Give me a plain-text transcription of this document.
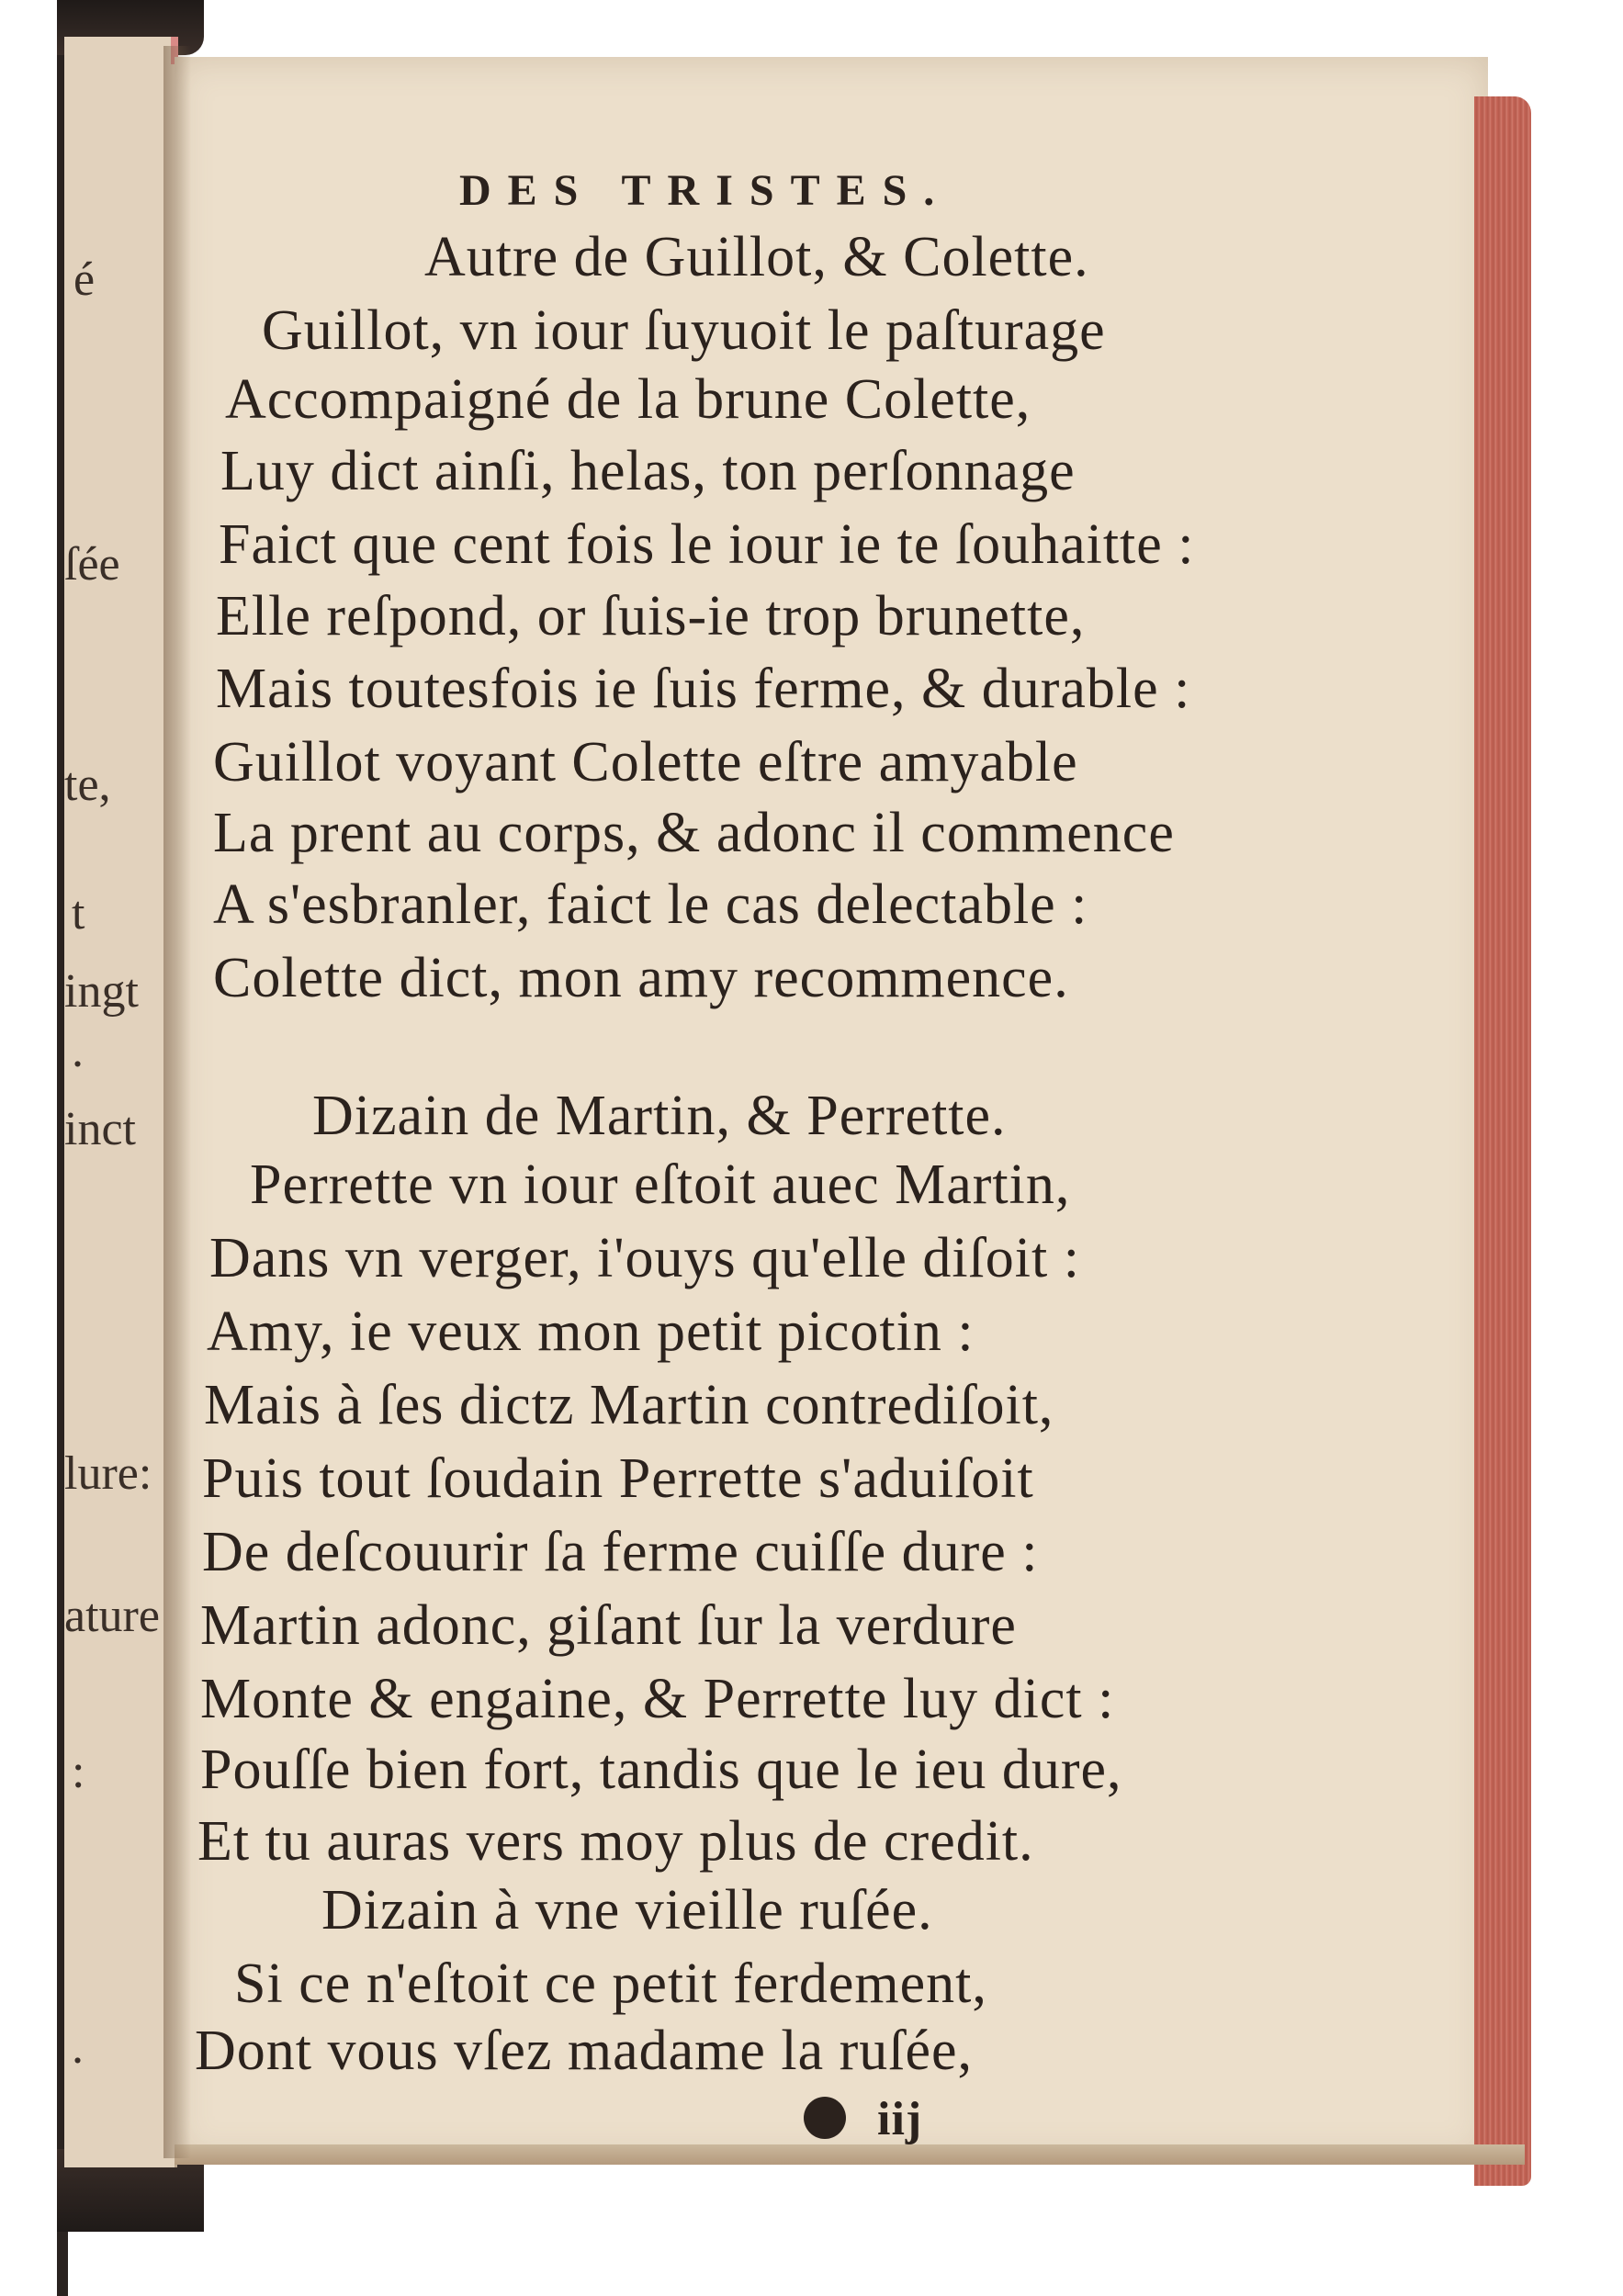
é
ſée
te,
t
ingt
.
inct
lure:
ature
:
.
DES TRISTES.
Autre de Guillot, & Colette.
Guillot, vn iour ſuyuoit le paſturage
Accompaigné de la brune Colette,
Luy dict ainſi, helas, ton perſonnage
Faict que cent fois le iour ie te ſouhaitte :
Elle reſpond, or ſuis-ie trop brunette,
Mais toutesfois ie ſuis ferme, & durable :
Guillot voyant Colette eſtre amyable
La prent au corps, & adonc il commence
A s'esbranler, faict le cas delectable :
Colette dict, mon amy recommence.
Dizain de Martin, & Perrette.
Perrette vn iour eſtoit auec Martin,
Dans vn verger, i'ouys qu'elle diſoit :
Amy, ie veux mon petit picotin :
Mais à ſes dictz Martin contrediſoit,
Puis tout ſoudain Perrette s'aduiſoit
De deſcouurir ſa ferme cuiſſe dure :
Martin adonc, giſant ſur la verdure
Monte & engaine, & Perrette luy dict :
Pouſſe bien fort, tandis que le ieu dure,
Et tu auras vers moy plus de credit.
Dizain à vne vieille ruſée.
Si ce n'eſtoit ce petit ferdement,
Dont vous vſez madame la ruſée,
iij
